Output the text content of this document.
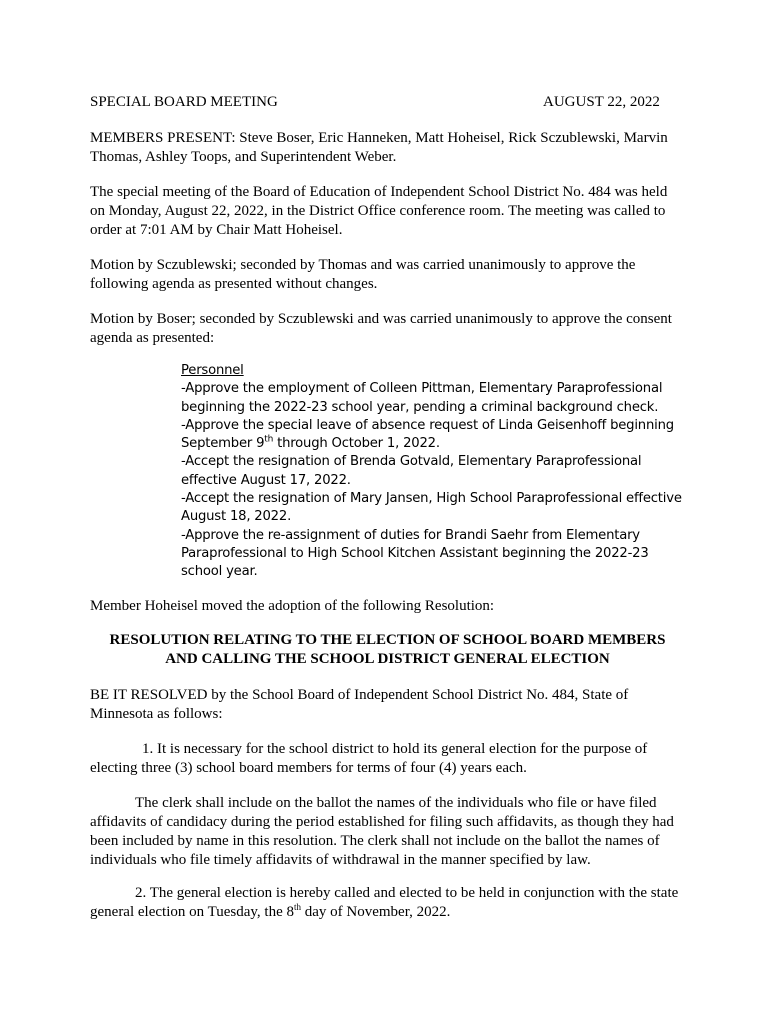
SPECIAL BOARD MEETING	AUGUST 22, 2022

MEMBERS PRESENT: Steve Boser, Eric Hanneken, Matt Hoheisel, Rick Sczublewski, Marvin Thomas, Ashley Toops, and Superintendent Weber.

The special meeting of the Board of Education of Independent School District No. 484 was held on Monday, August 22, 2022, in the District Office conference room. The meeting was called to order at 7:01 AM by Chair Matt Hoheisel.

Motion by Sczublewski; seconded by Thomas and was carried unanimously to approve the following agenda as presented without changes.

Motion by Boser; seconded by Sczublewski and was carried unanimously to approve the consent agenda as presented:

Personnel
-Approve the employment of Colleen Pittman, Elementary Paraprofessional beginning the 2022-23 school year, pending a criminal background check.
-Approve the special leave of absence request of Linda Geisenhoff beginning September 9th through October 1, 2022.
-Accept the resignation of Brenda Gotvald, Elementary Paraprofessional effective August 17, 2022.
-Accept the resignation of Mary Jansen, High School Paraprofessional effective August 18, 2022.
-Approve the re-assignment of duties for Brandi Saehr from Elementary Paraprofessional to High School Kitchen Assistant beginning the 2022-23 school year.

Member Hoheisel moved the adoption of the following Resolution:

RESOLUTION RELATING TO THE ELECTION OF SCHOOL BOARD MEMBERS
AND CALLING THE SCHOOL DISTRICT GENERAL ELECTION

BE IT RESOLVED by the School Board of Independent School District No. 484, State of Minnesota as follows:

1. It is necessary for the school district to hold its general election for the purpose of electing three (3) school board members for terms of four (4) years each.

The clerk shall include on the ballot the names of the individuals who file or have filed affidavits of candidacy during the period established for filing such affidavits, as though they had been included by name in this resolution. The clerk shall not include on the ballot the names of individuals who file timely affidavits of withdrawal in the manner specified by law.

2. The general election is hereby called and elected to be held in conjunction with the state general election on Tuesday, the 8th day of November, 2022.
